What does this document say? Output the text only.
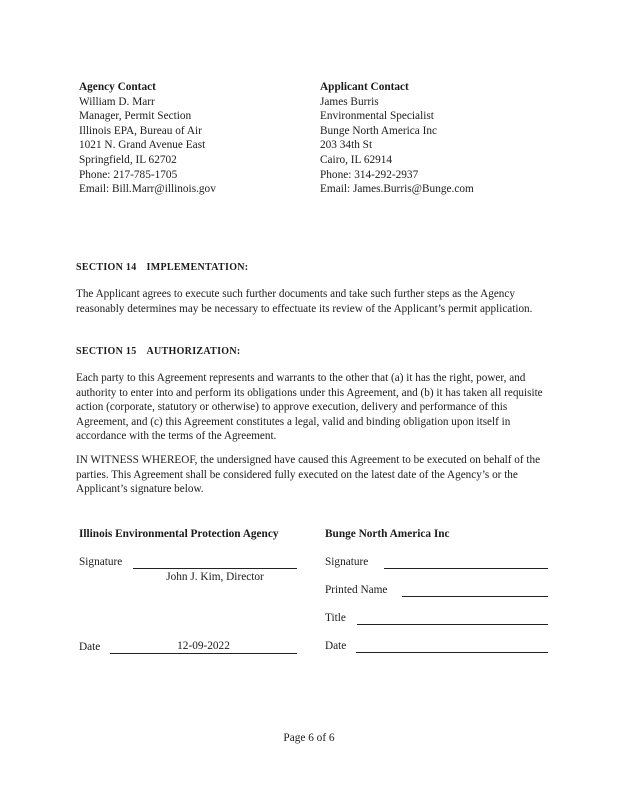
Agency Contact
William D. Marr
Manager, Permit Section
Illinois EPA, Bureau of Air
1021 N. Grand Avenue East
Springfield, IL 62702
Phone: 217-785-1705
Email: Bill.Marr@illinois.gov
Applicant Contact
James Burris
Environmental Specialist
Bunge North America Inc
203 34th St
Cairo, IL 62914
Phone: 314-292-2937
Email: James.Burris@Bunge.com
SECTION 14 IMPLEMENTATION:
The Applicant agrees to execute such further documents and take such further steps as the Agency reasonably determines may be necessary to effectuate its review of the Applicant’s permit application.
SECTION 15 AUTHORIZATION:
Each party to this Agreement represents and warrants to the other that (a) it has the right, power, and authority to enter into and perform its obligations under this Agreement, and (b) it has taken all requisite action (corporate, statutory or otherwise) to approve execution, delivery and performance of this Agreement, and (c) this Agreement constitutes a legal, valid and binding obligation upon itself in accordance with the terms of the Agreement.
IN WITNESS WHEREOF, the undersigned have caused this Agreement to be executed on behalf of the parties. This Agreement shall be considered fully executed on the latest date of the Agency’s or the Applicant’s signature below.
Illinois Environmental Protection Agency
Signature
John J. Kim, Director
Date	12-09-2022
Bunge North America Inc
Signature
Printed Name
Title
Date
Page 6 of 6
